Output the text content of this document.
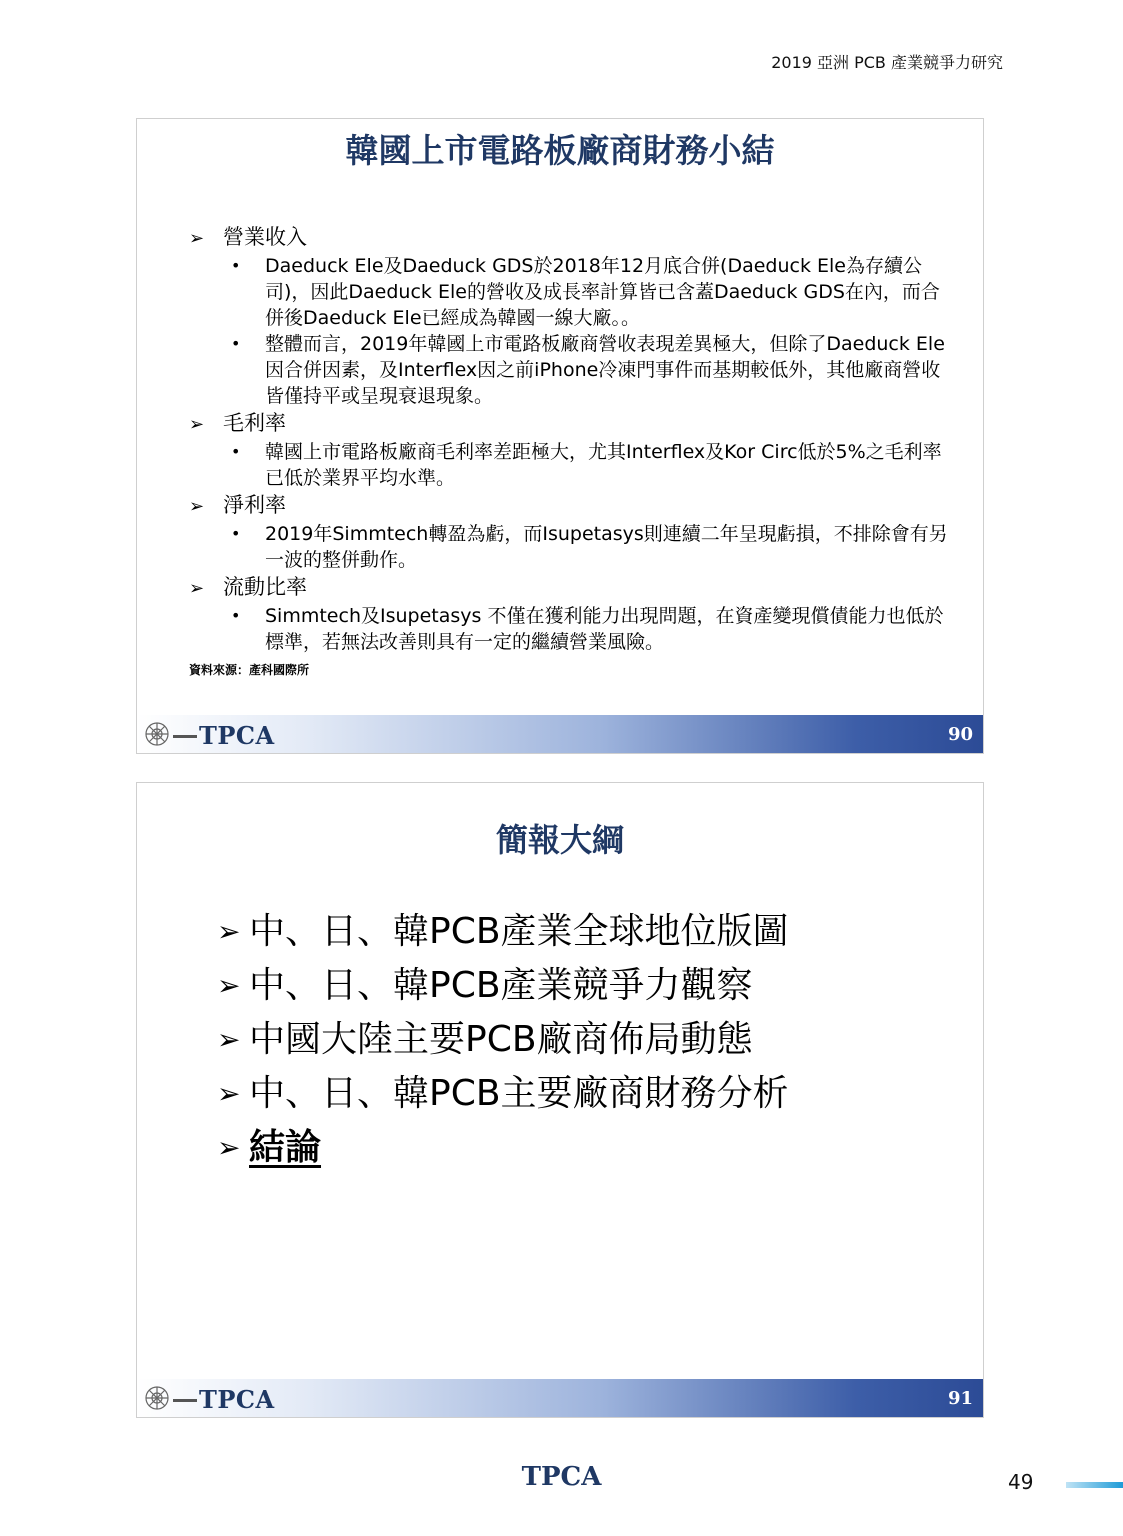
2019 亞洲 PCB 產業競爭力研究
韓國上市電路板廠商財務小結
➢ 營業收入
•	Daeduck Ele及Daeduck GDS於2018年12月底合併(Daeduck Ele為存續公司)，因此Daeduck Ele的營收及成長率計算皆已含蓋Daeduck GDS在內，而合併後Daeduck Ele已經成為韓國一線大廠。。
•	整體而言，2019年韓國上市電路板廠商營收表現差異極大，但除了Daeduck Ele 因合併因素，及Interflex因之前iPhone冷凍門事件而基期較低外，其他廠商營收皆僅持平或呈現衰退現象。
➢ 毛利率
•	韓國上市電路板廠商毛利率差距極大，尤其Interflex及Kor Circ低於5%之毛利率已低於業界平均水準。
➢ 淨利率
•	2019年Simmtech轉盈為虧，而Isupetasys則連續二年呈現虧損，不排除會有另一波的整併動作。
➢ 流動比率
•	Simmtech及Isupetasys 不僅在獲利能力出現問題，在資產變現償債能力也低於標準，若無法改善則具有一定的繼續營業風險。
資料來源：產科國際所
TPCA	90
簡報大綱
➢ 中、日、韓PCB產業全球地位版圖
➢ 中、日、韓PCB產業競爭力觀察
➢ 中國大陸主要PCB廠商佈局動態
➢ 中、日、韓PCB主要廠商財務分析
➢ 結論
TPCA	91
TPCA	49
